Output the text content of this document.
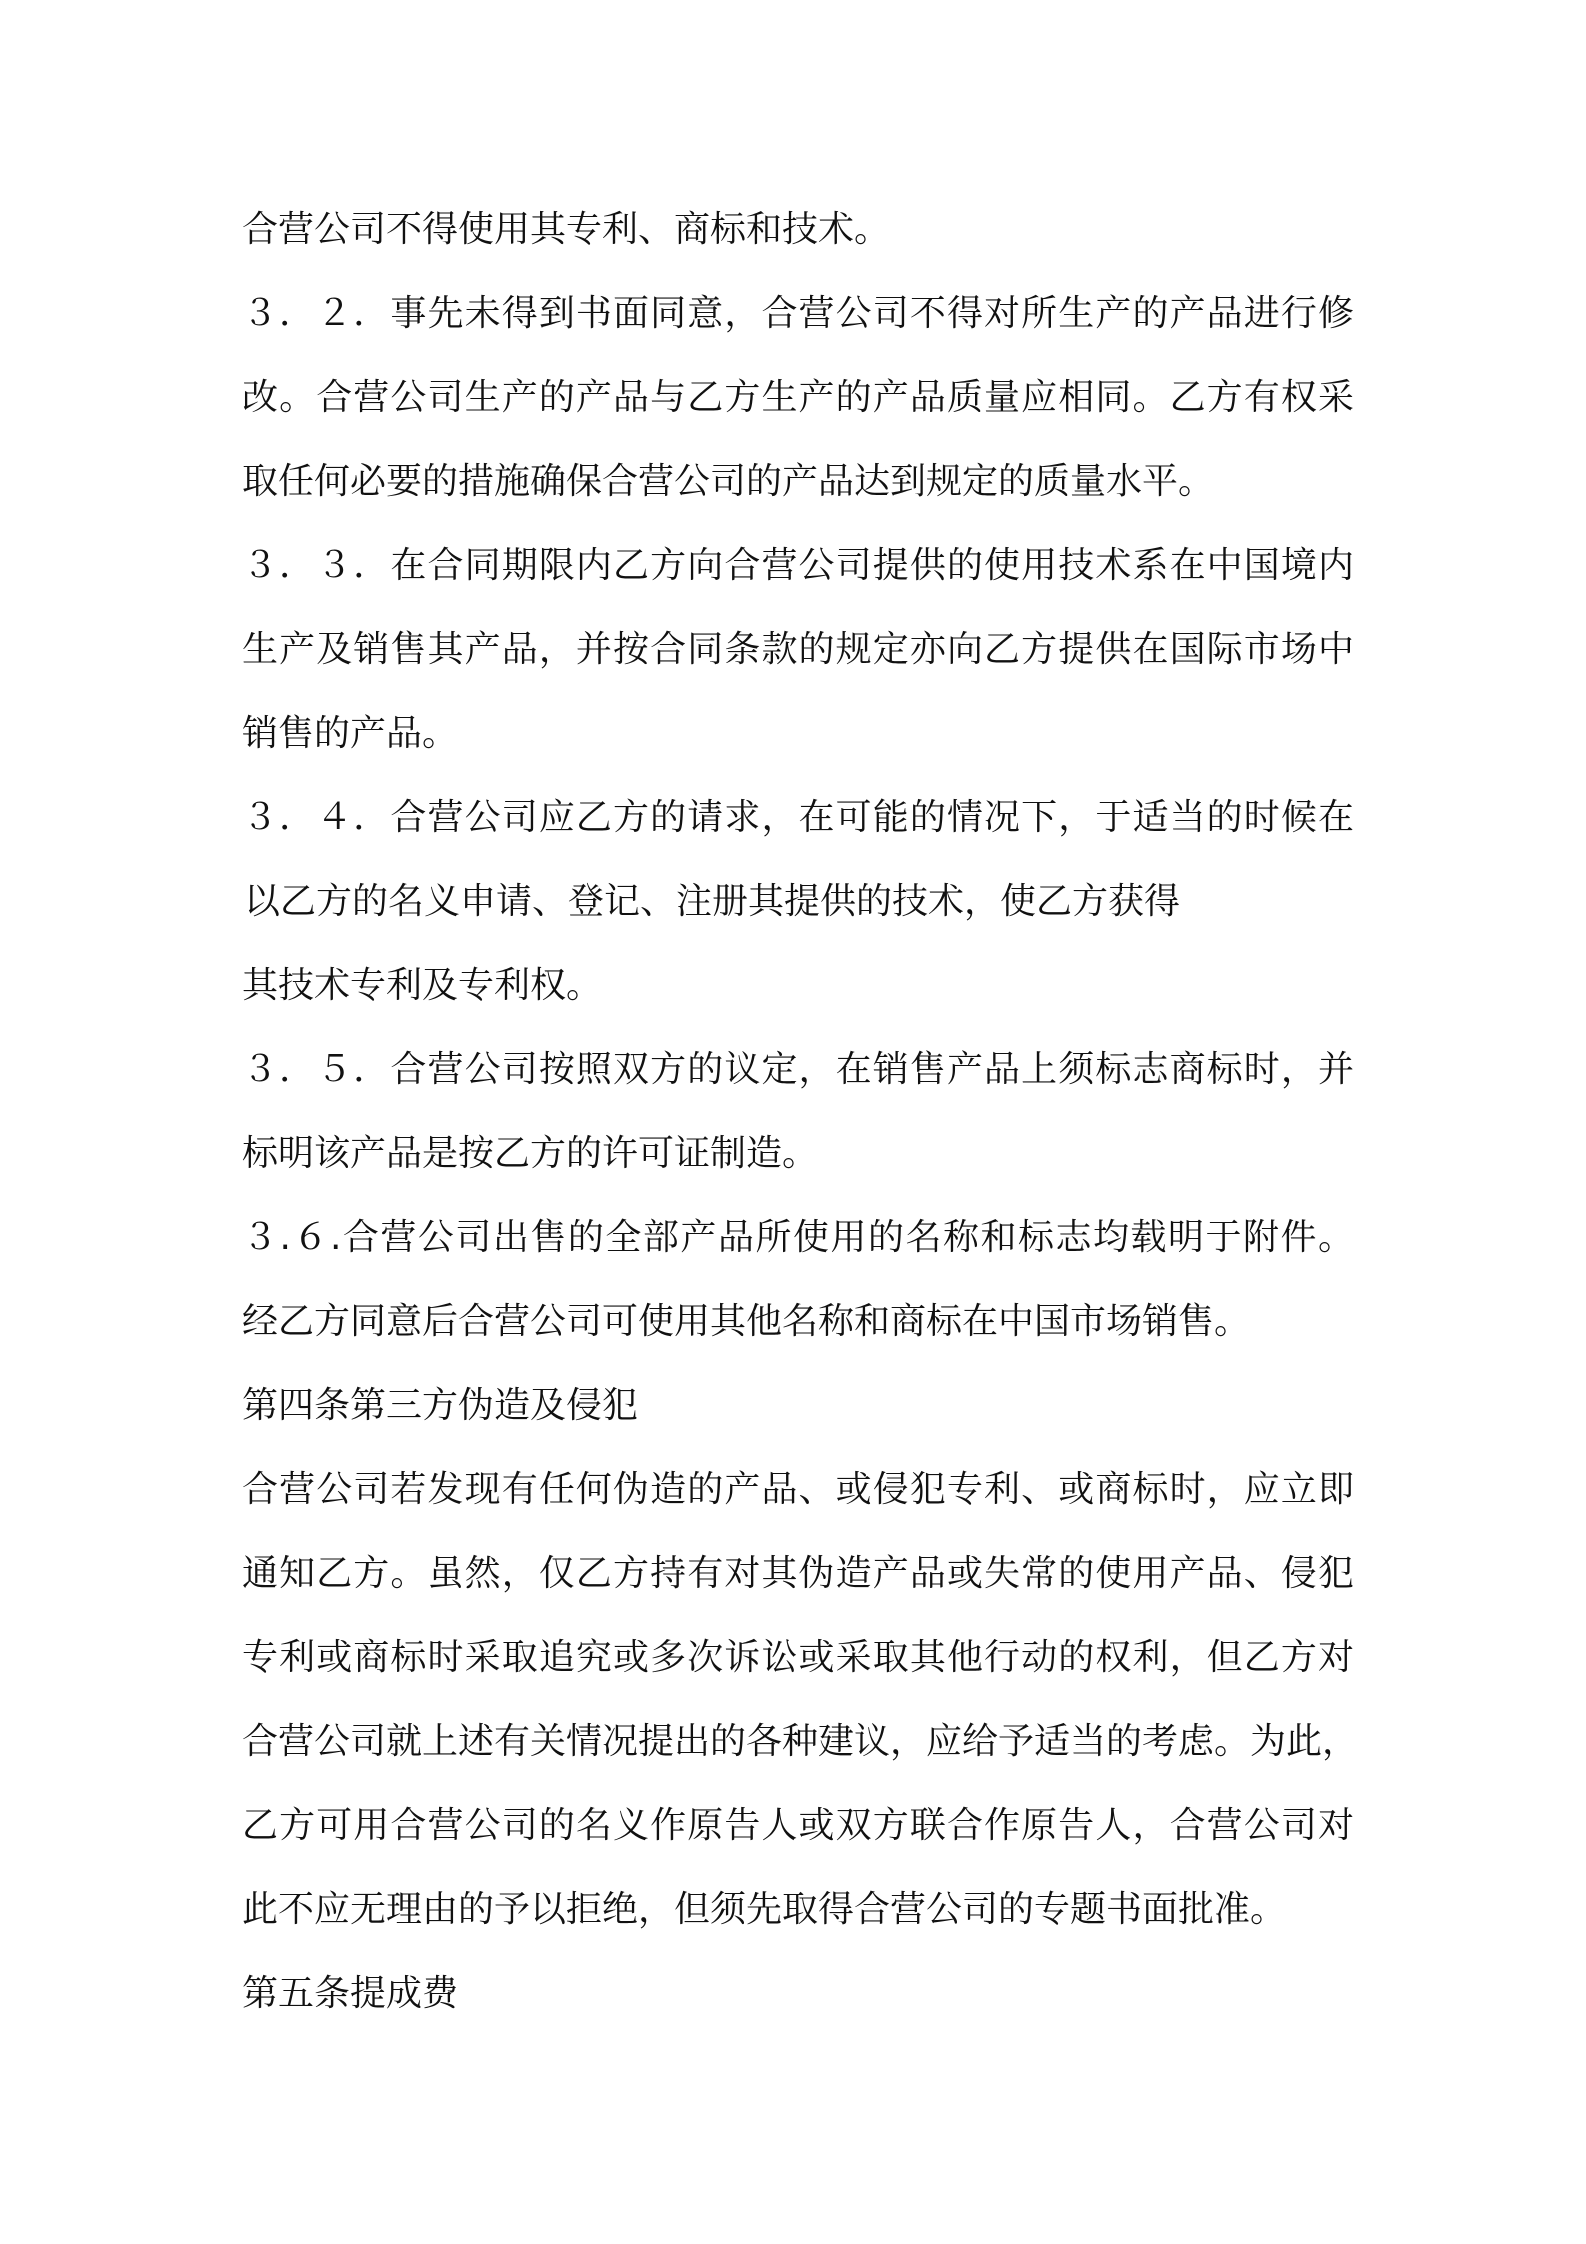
合营公司不得使用其专利、商标和技术。
３．２．事先未得到书面同意，合营公司不得对所生产的产品进行修
改。合营公司生产的产品与乙方生产的产品质量应相同。乙方有权采
取任何必要的措施确保合营公司的产品达到规定的质量水平。
３．３．在合同期限内乙方向合营公司提供的使用技术系在中国境内
生产及销售其产品，并按合同条款的规定亦向乙方提供在国际市场中
销售的产品。
３．４．合营公司应乙方的请求，在可能的情况下，于适当的时候在
以乙方的名义申请、登记、注册其提供的技术，使乙方获得
其技术专利及专利权。
３．５．合营公司按照双方的议定，在销售产品上须标志商标时，并
标明该产品是按乙方的许可证制造。
３.６.合营公司出售的全部产品所使用的名称和标志均载明于附件。
经乙方同意后合营公司可使用其他名称和商标在中国市场销售。
第四条第三方伪造及侵犯
合营公司若发现有任何伪造的产品、或侵犯专利、或商标时，应立即
通知乙方。虽然，仅乙方持有对其伪造产品或失常的使用产品、侵犯
专利或商标时采取追究或多次诉讼或采取其他行动的权利，但乙方对
合营公司就上述有关情况提出的各种建议，应给予适当的考虑。为此，
乙方可用合营公司的名义作原告人或双方联合作原告人，合营公司对
此不应无理由的予以拒绝，但须先取得合营公司的专题书面批准。
第五条提成费
